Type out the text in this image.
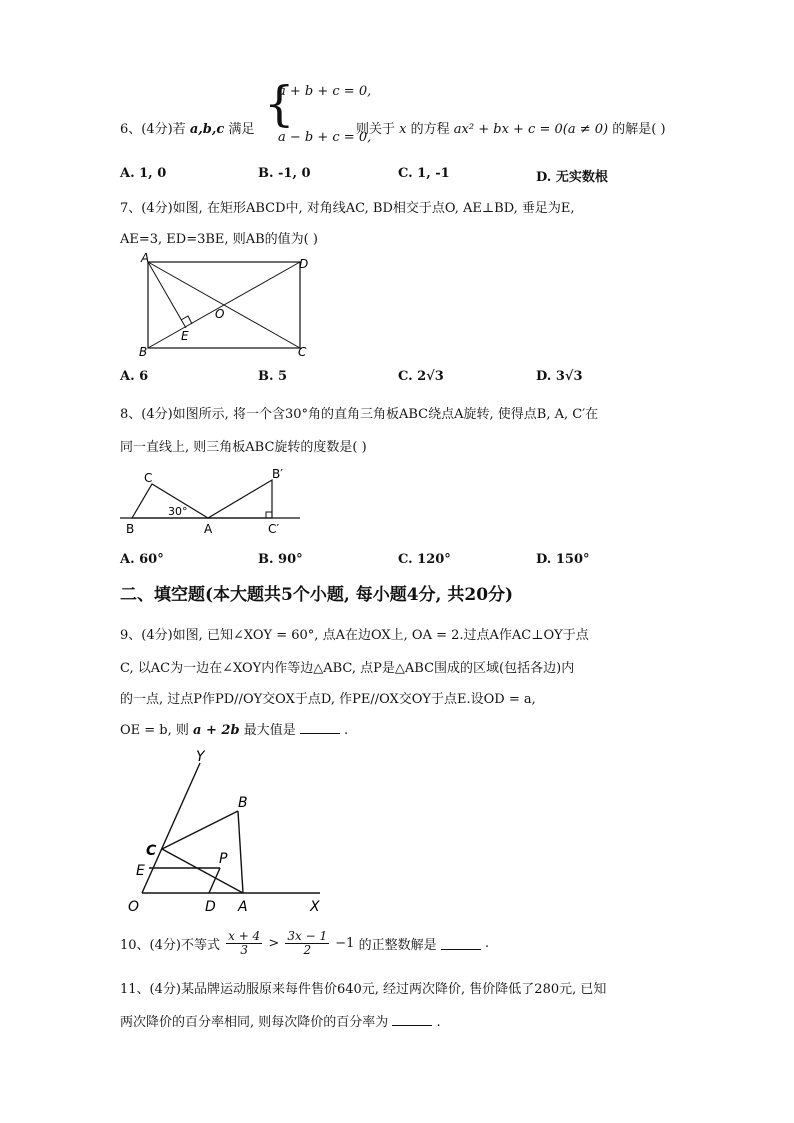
6、(4分)若 a,b,c 满足 {
a + b + c = 0,
a − b + c = 0,
则关于 x 的方程 ax² + bx + c = 0(a ≠ 0) 的解是( )
A. 1, 0	B. -1, 0	C. 1, -1	D. 无实数根
7、(4分)如图, 在矩形ABCD中, 对角线AC, BD相交于点O, AE⊥BD, 垂足为E,
AE=3, ED=3BE, 则AB的值为( )
A
B	C
D
E
O
A. 6	B. 5	C. 2√3	D. 3√3
8、(4分)如图所示, 将一个含30°角的直角三角板ABC绕点A旋转, 使得点B, A, C′在
同一直线上, 则三角板ABC旋转的度数是( )
C
B	A
30°
B′
C′
A. 60°	B. 90°	C. 120°	D. 150°
二、填空题(本大题共5个小题, 每小题4分, 共20分)
9、(4分)如图, 已知∠XOY = 60°, 点A在边OX上, OA = 2.过点A作AC⊥OY于点
C, 以AC为一边在∠XOY内作等边△ABC, 点P是△ABC围成的区域(包括各边)内
的一点, 过点P作PD//OY交OX于点D, 作PE//OX交OY于点E.设OD = a,
OE = b, 则 a + 2b 最大值是	.
Y
B
C
E
P
O	D A	X
10、(4分)不等式 $\frac{x + 4}{3} > \frac{3x - 1}{2} -1$ 的正整数解是	.
11、(4分)某品牌运动服原来每件售价640元, 经过两次降价, 售价降低了280元, 已知
两次降价的百分率相同, 则每次降价的百分率为	.
